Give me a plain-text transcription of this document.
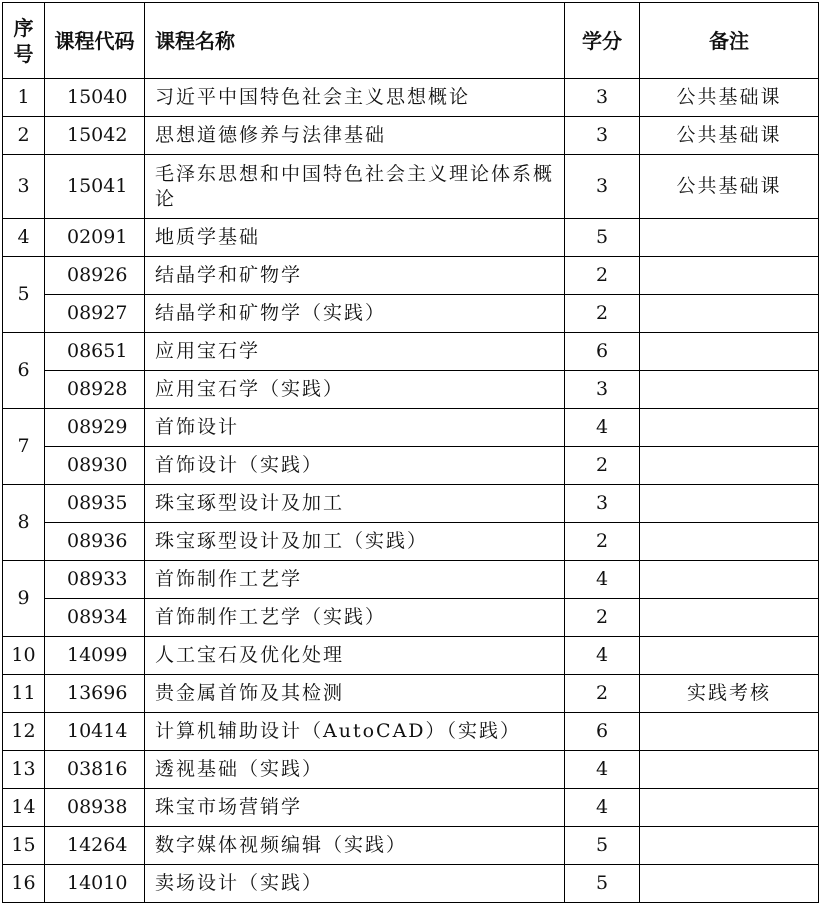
序号	课程代码	课程名称	学分	备注
1	15040	习近平中国特色社会主义思想概论	3	公共基础课
2	15042	思想道德修养与法律基础	3	公共基础课
3	15041	毛泽东思想和中国特色社会主义理论体系概论	3	公共基础课
4	02091	地质学基础	5	
5	08926	结晶学和矿物学	2	
	08927	结晶学和矿物学（实践）	2	
6	08651	应用宝石学	6	
	08928	应用宝石学（实践）	3	
7	08929	首饰设计	4	
	08930	首饰设计（实践）	2	
8	08935	珠宝琢型设计及加工	3	
	08936	珠宝琢型设计及加工（实践）	2	
9	08933	首饰制作工艺学	4	
	08934	首饰制作工艺学（实践）	2	
10	14099	人工宝石及优化处理	4	
11	13696	贵金属首饰及其检测	2	实践考核
12	10414	计算机辅助设计（AutoCAD）（实践）	6	
13	03816	透视基础（实践）	4	
14	08938	珠宝市场营销学	4	
15	14264	数字媒体视频编辑（实践）	5	
16	14010	卖场设计（实践）	5	
